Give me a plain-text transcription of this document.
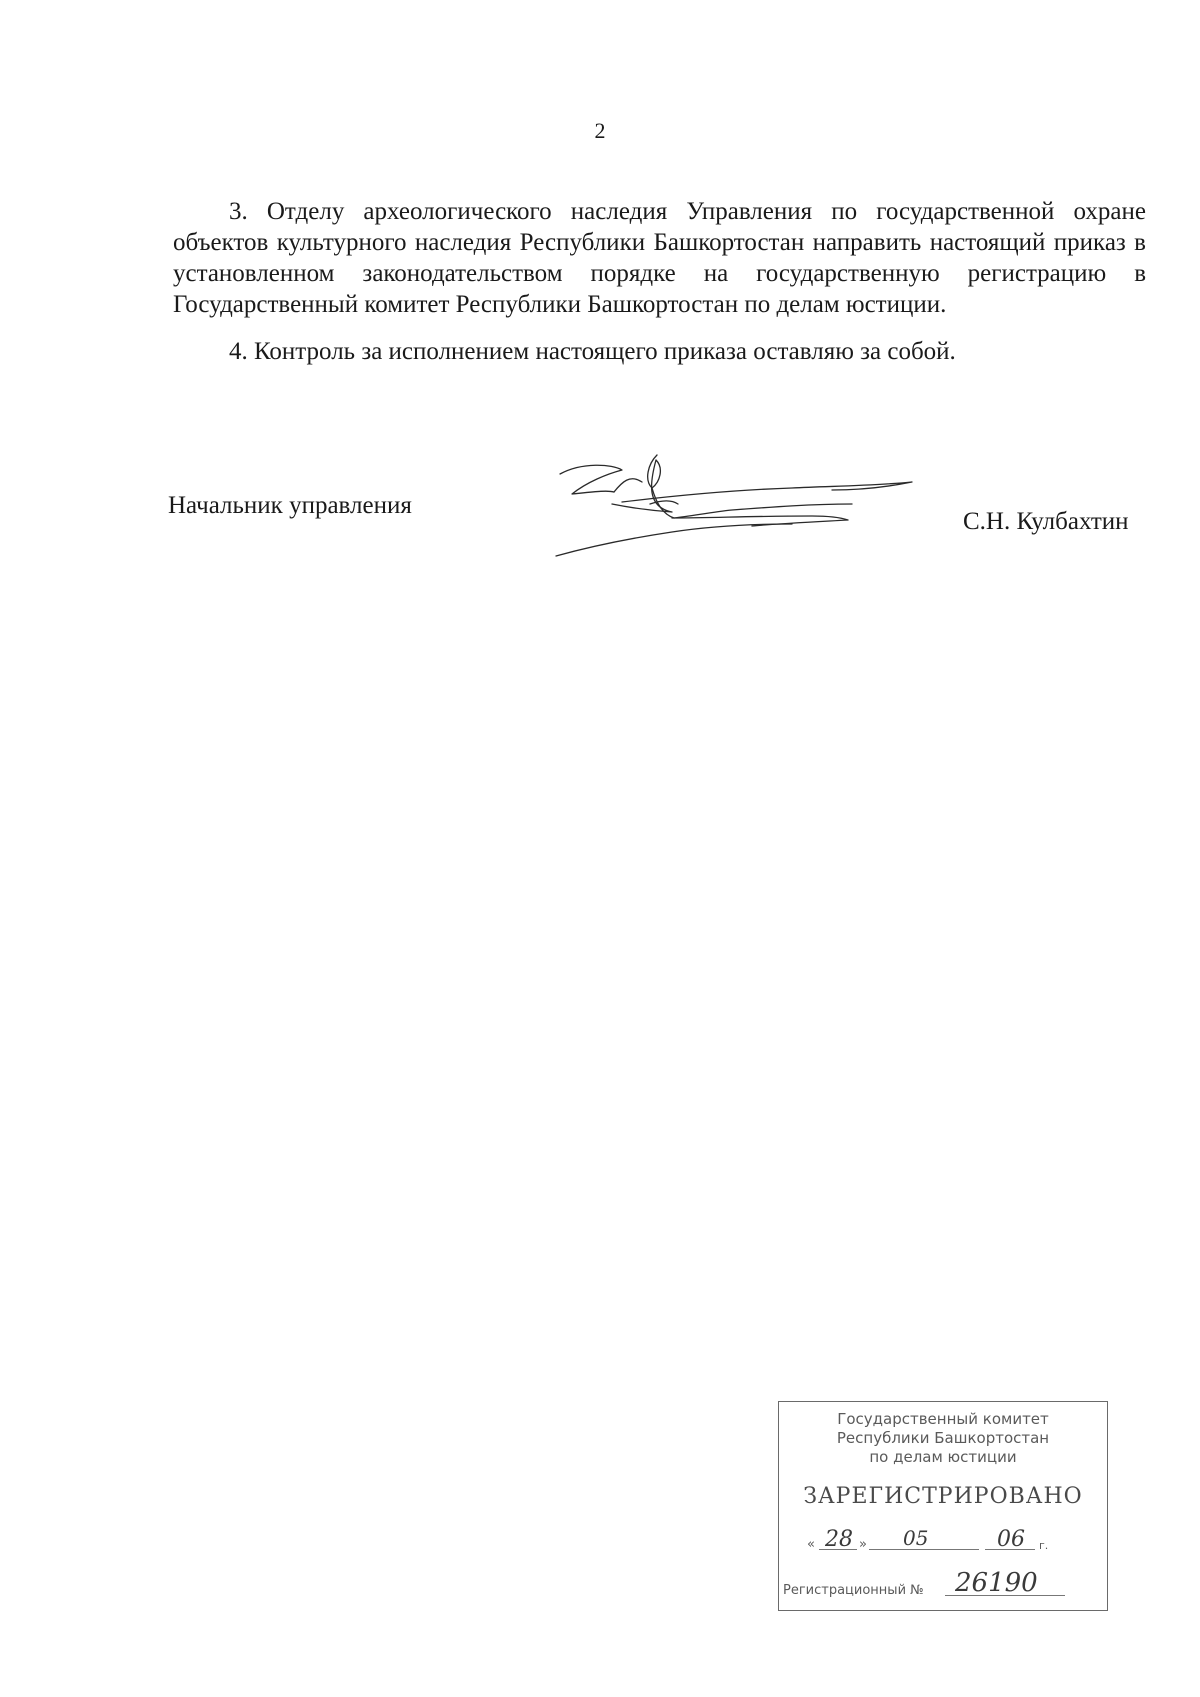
2

3. Отделу археологического наследия Управления по государственной охране объектов культурного наследия Республики Башкортостан направить настоящий приказ в установленном законодательством порядке на государственную регистрацию в Государственный комитет Республики Башкортостан по делам юстиции.

4. Контроль за исполнением настоящего приказа оставляю за собой.

Начальник управления
С.Н. Кулбахтин
Государственный комитет
Республики Башкортостан
по делам юстиции
ЗАРЕГИСТРИРОВАНО
« 28 » 05	06 г.
Регистрационный № 26190
